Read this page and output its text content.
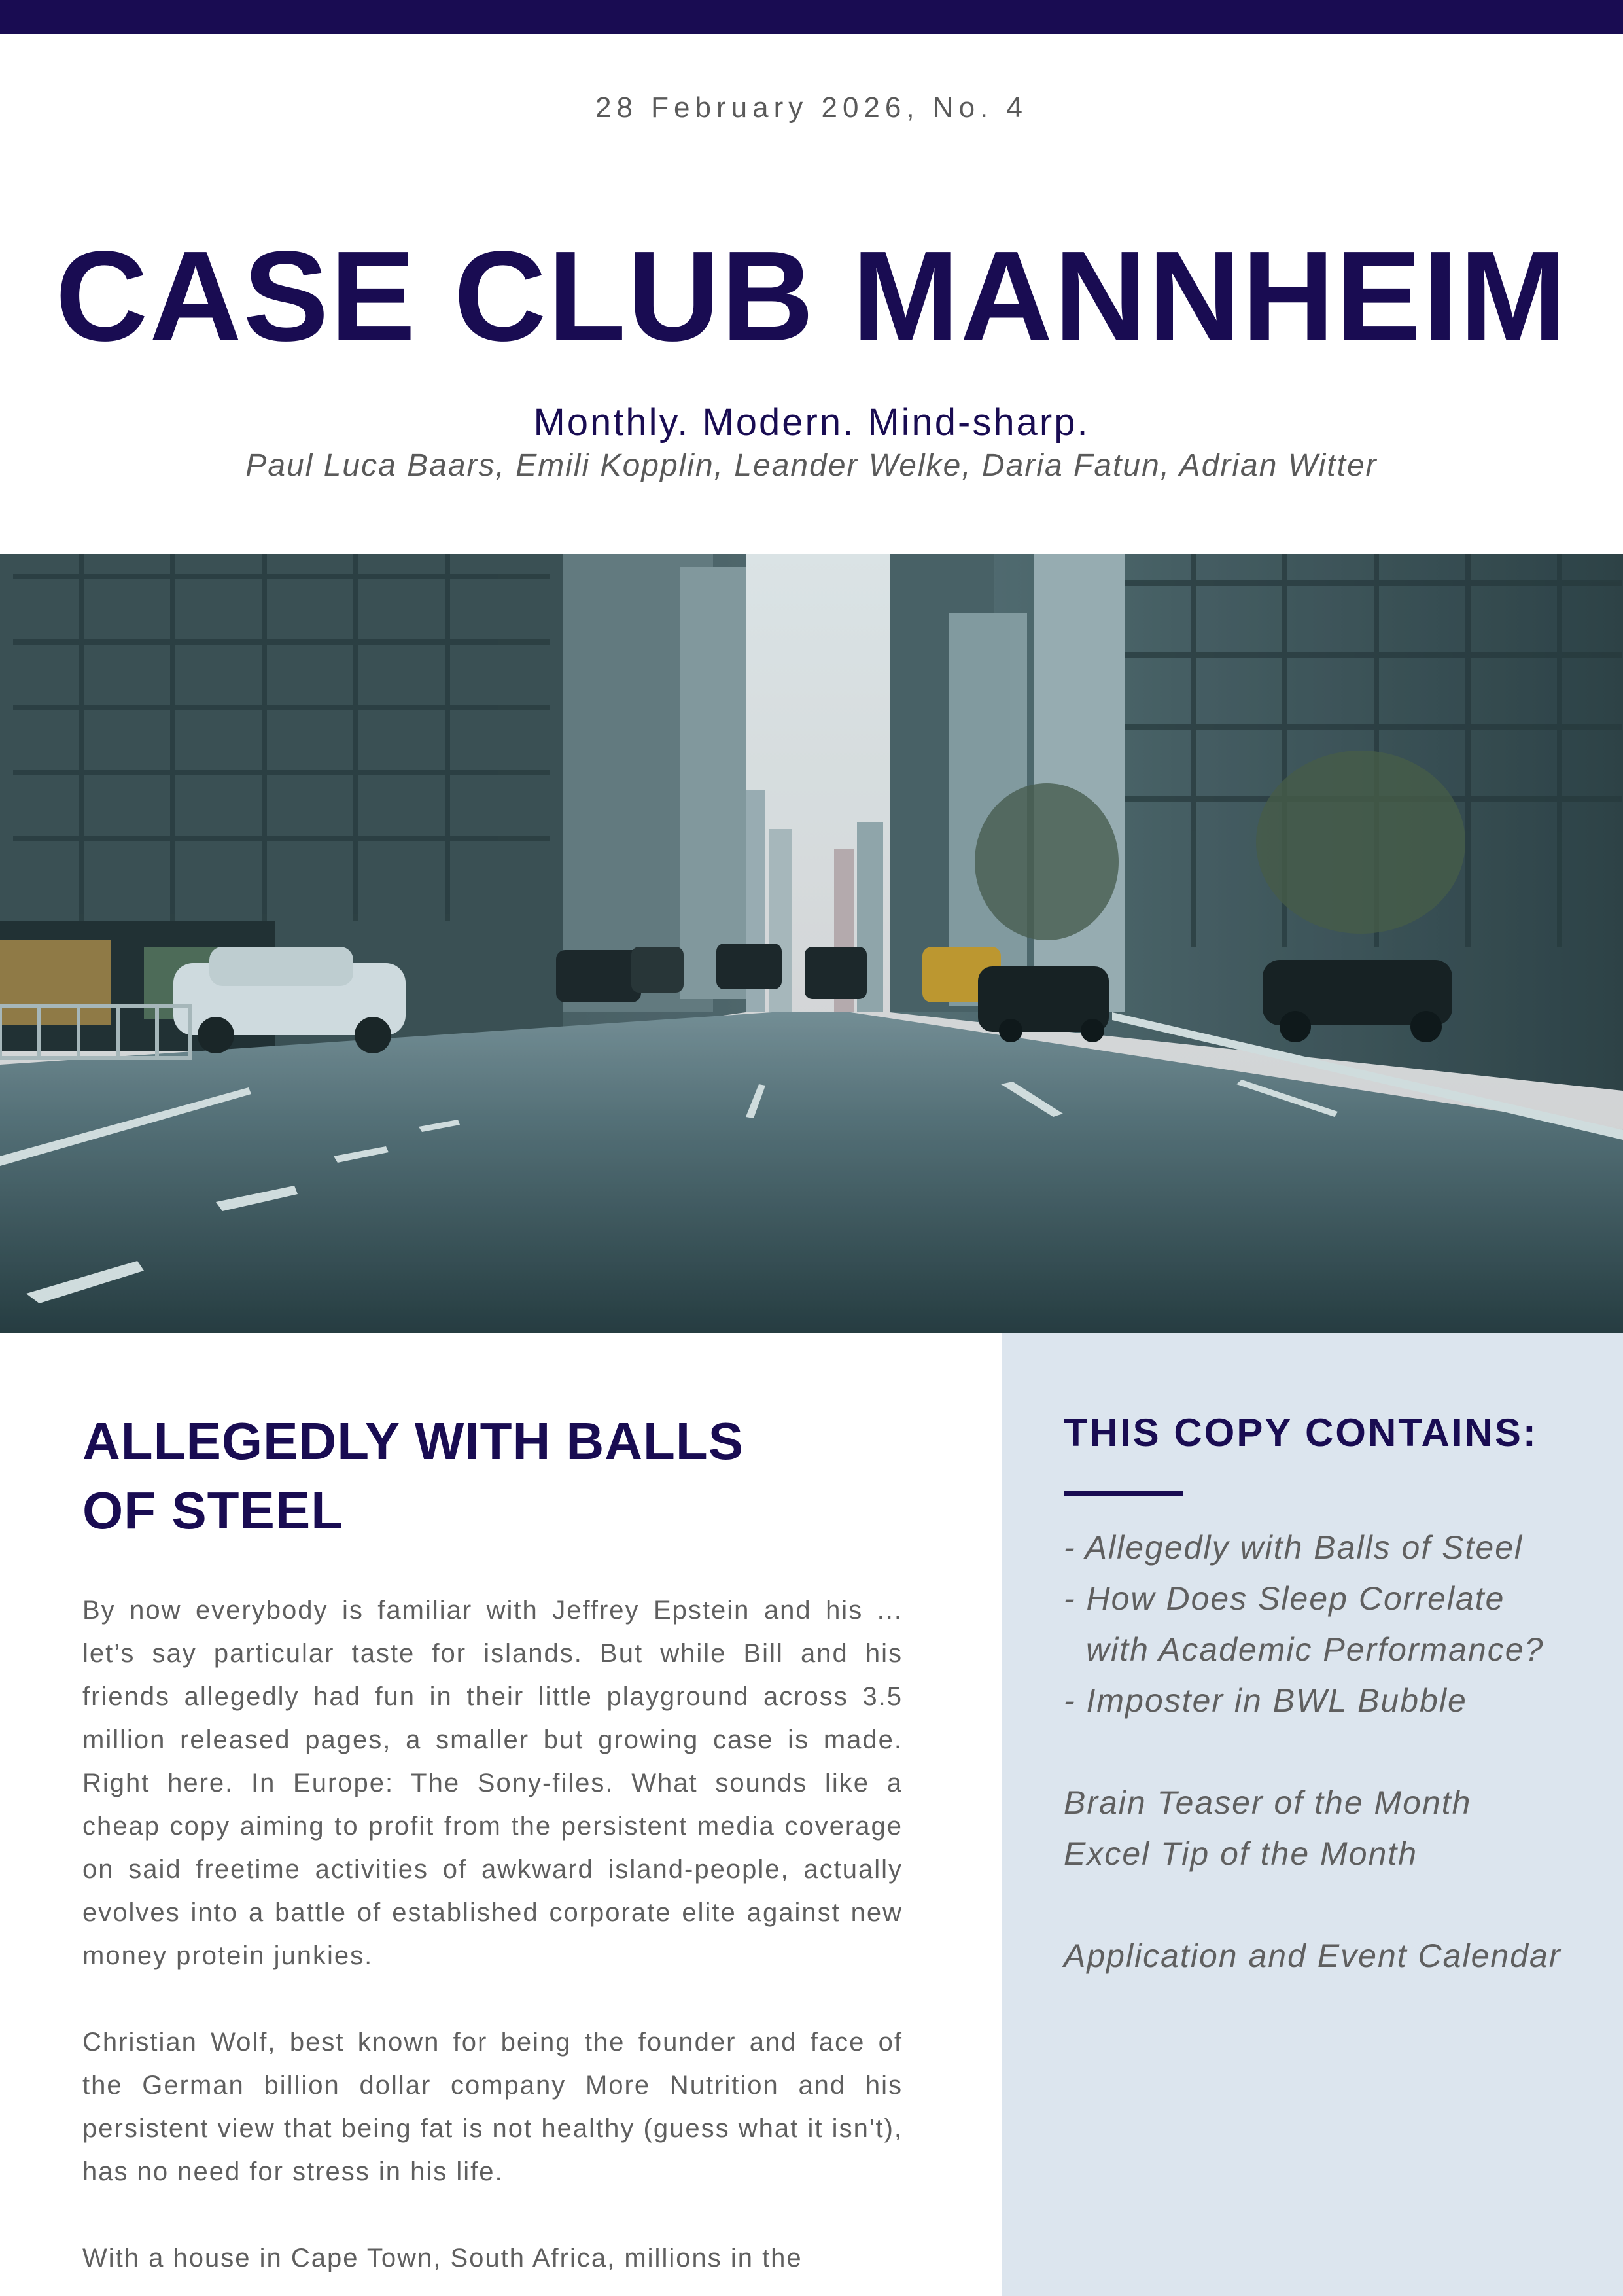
28 February 2026, No. 4
CASE CLUB MANNHEIM
Monthly. Modern. Mind-sharp.
Paul Luca Baars, Emili Kopplin, Leander Welke, Daria Fatun, Adrian Witter
ALLEGEDLY WITH BALLS
OF STEEL

By now everybody is familiar with Jeffrey Epstein and his ... let’s say particular taste for islands. But while Bill and his friends allegedly had fun in their little playground across 3.5 million released pages, a smaller but growing case is made. Right here. In Europe: The Sony-files. What sounds like a cheap copy aiming to profit from the persistent media coverage on said freetime activities of awkward island-people, actually evolves into a battle of established corporate elite against new money protein junkies.

Christian Wolf, best known for being the founder and face of the German billion dollar company More Nutrition and his persistent view that being fat is not healthy (guess what it isn't), has no need for stress in his life.

With a house in Cape Town, South Africa, millions in the

THIS COPY CONTAINS:
- Allegedly with Balls of Steel
- How Does Sleep Correlate
with Academic Performance?
- Imposter in BWL Bubble
Brain Teaser of the Month
Excel Tip of the Month
Application and Event Calendar
